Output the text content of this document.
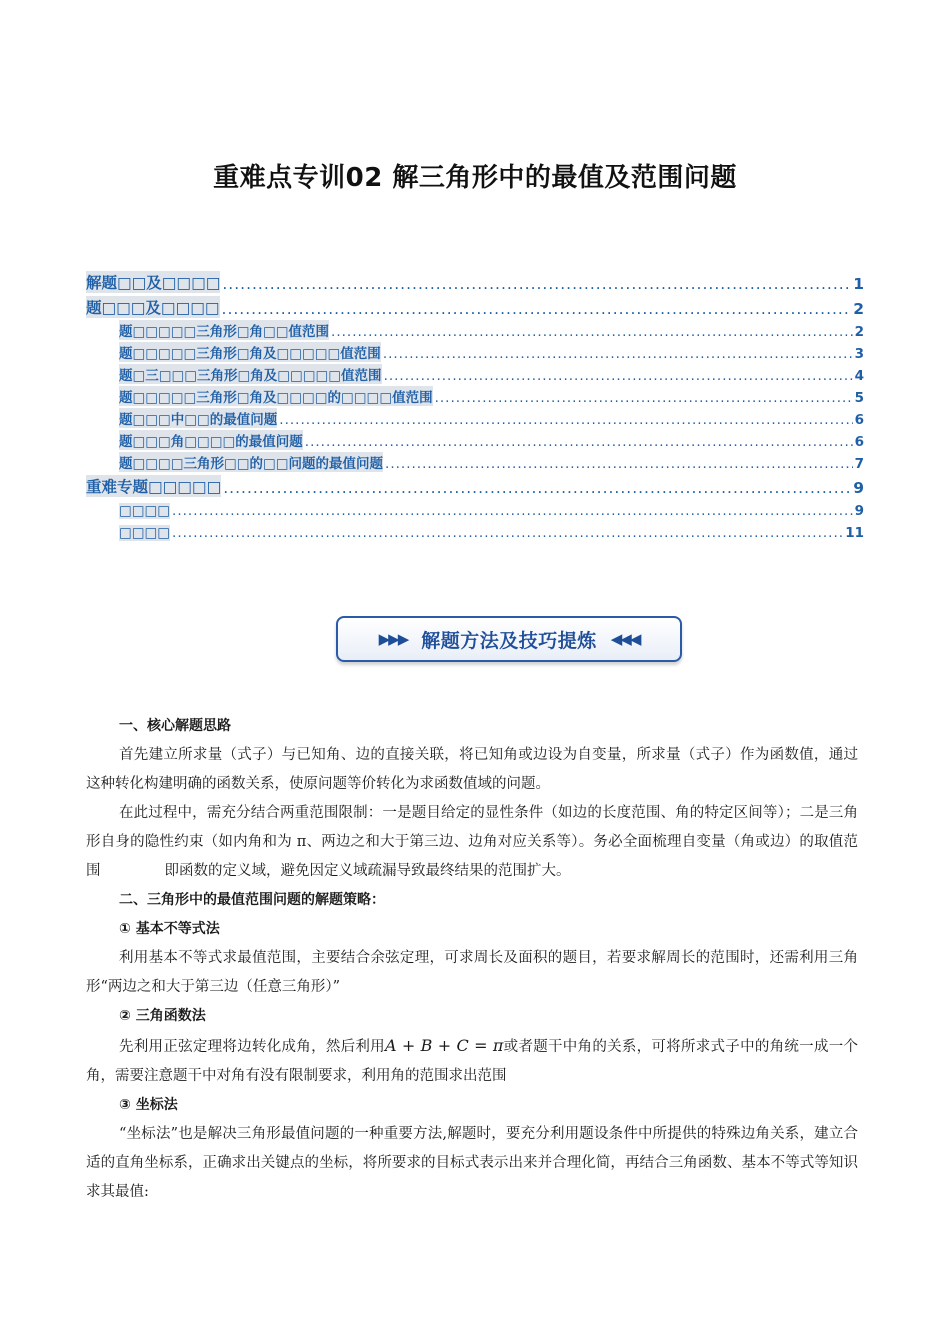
重难点专训02 解三角形中的最值及范围问题
解题□□及□□□□ .....	1
题□□□及□□□□ .....	2
题□□□□□三角形□角□□值范围 .....	2
题□□□□□三角形□角及□□□□□值范围 .....	3
题□三□□□三角形□角及□□□□□值范围 .....	4
题□□□□□三角形□角及□□□□的□□□□值范围 .....	5
题□□□中□□的最值问题 .....	6
题□□□角□□□□的最值问题 .....	6
题□□□□三角形□□的□□问题的最值问题 .....	7
重难专题□□□□□ .....	9
□□□□ .....	9
□□□□ .....	11
▶▶▶ 解题方法及技巧提炼 ◀◀◀

一、核心解题思路

首先建立所求量（式子）与已知角、边的直接关联，将已知角或边设为自变量，所求量（式子）作为函数值，通过这种转化构建明确的函数关系，使原问题等价转化为求函数值域的问题。

在此过程中，需充分结合两重范围限制：一是题目给定的显性条件（如边的长度范围、角的特定区间等）；二是三角形自身的隐性约束（如内角和为 π、两边之和大于第三边、边角对应关系等）。务必全面梳理自变量（角或边）的取值范围	即函数的定义域，避免因定义域疏漏导致最终结果的范围扩大。

二、三角形中的最值范围问题的解题策略：

① 基本不等式法

利用基本不等式求最值范围，主要结合余弦定理，可求周长及面积的题目，若要求解周长的范围时，还需利用三角形“两边之和大于第三边（任意三角形）”

② 三角函数法

先利用正弦定理将边转化成角，然后利用A + B + C = π或者题干中角的关系，可将所求式子中的角统一成一个角，需要注意题干中对角有没有限制要求，利用角的范围求出范围

③ 坐标法

“坐标法”也是解决三角形最值问题的一种重要方法,解题时，要充分利用题设条件中所提供的特殊边角关系，建立合适的直角坐标系，正确求出关键点的坐标，将所要求的目标式表示出来并合理化简，再结合三角函数、基本不等式等知识求其最值:
